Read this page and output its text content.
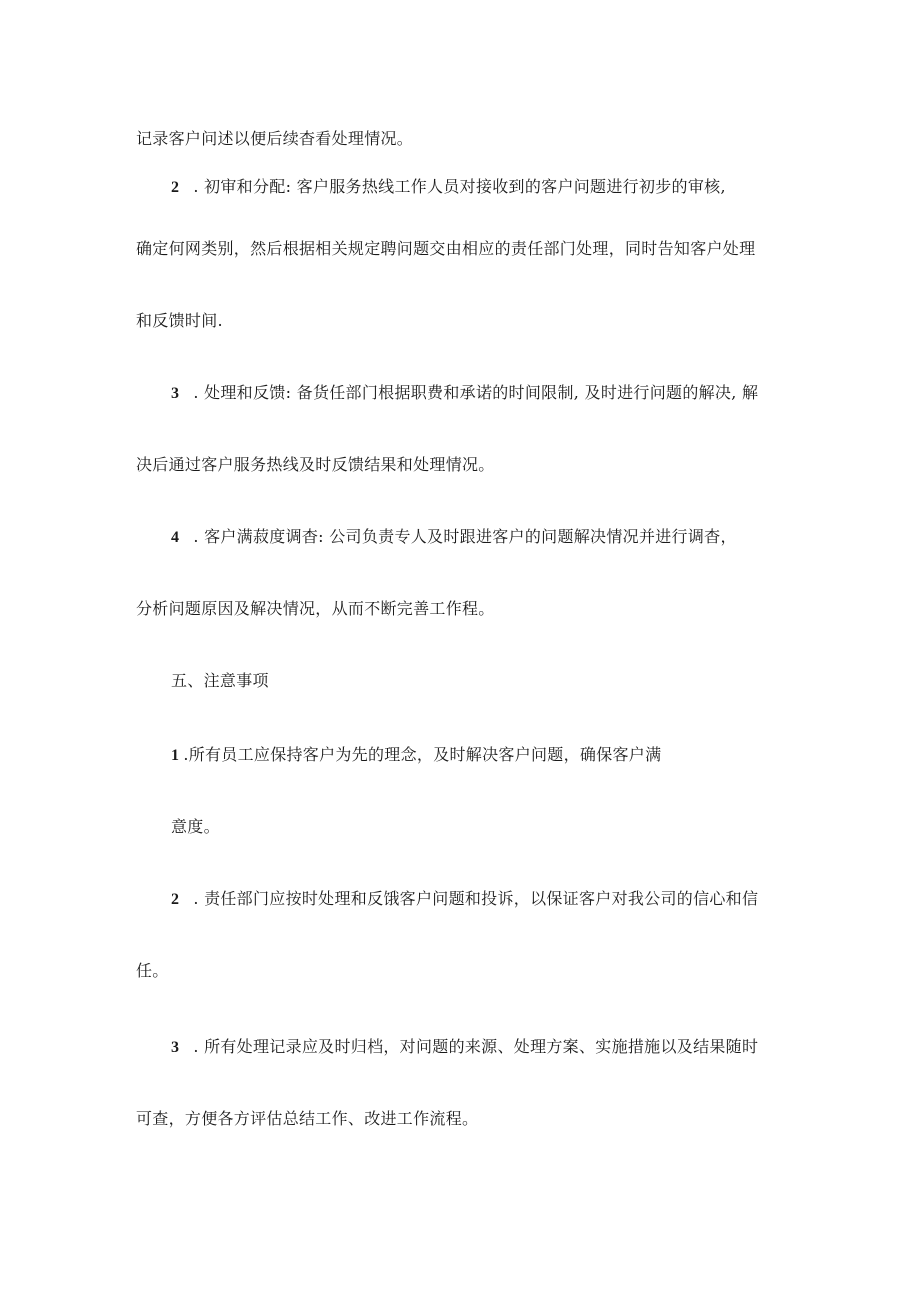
记录客户问述以便后续杳看处理情况。
2 . 初审和分配: 客户服务热线工作人员对接收到的客户问题进行初步的审核,
确定何网类别，然后根据相关规定聘问题交由相应的责任部门处理，同时告知客户处理
和反馈时间.
3 . 处理和反馈: 备货任部门根据职费和承诺的时间限制, 及时进行问题的解决, 解
决后通过客户服务热线及时反馈结果和处理情况。
4 . 客户满菽度调杳: 公司负责专人及时跟进客户的问题解决情况并进行调杳，
分析问题原因及解决情况，从而不断完善工作程。
五、注意事项
1 .所有员工应保持客户为先的理念，及时解决客户问题，确保客户满
意度。
2 . 责任部门应按时处理和反饿客户问题和投诉，以保证客户对我公司的信心和信
任。
3 . 所有处理记录应及时归档，对问题的来源、处理方案、实施措施以及结果随时
可查，方便各方评估总结工作、改进工作流程。
